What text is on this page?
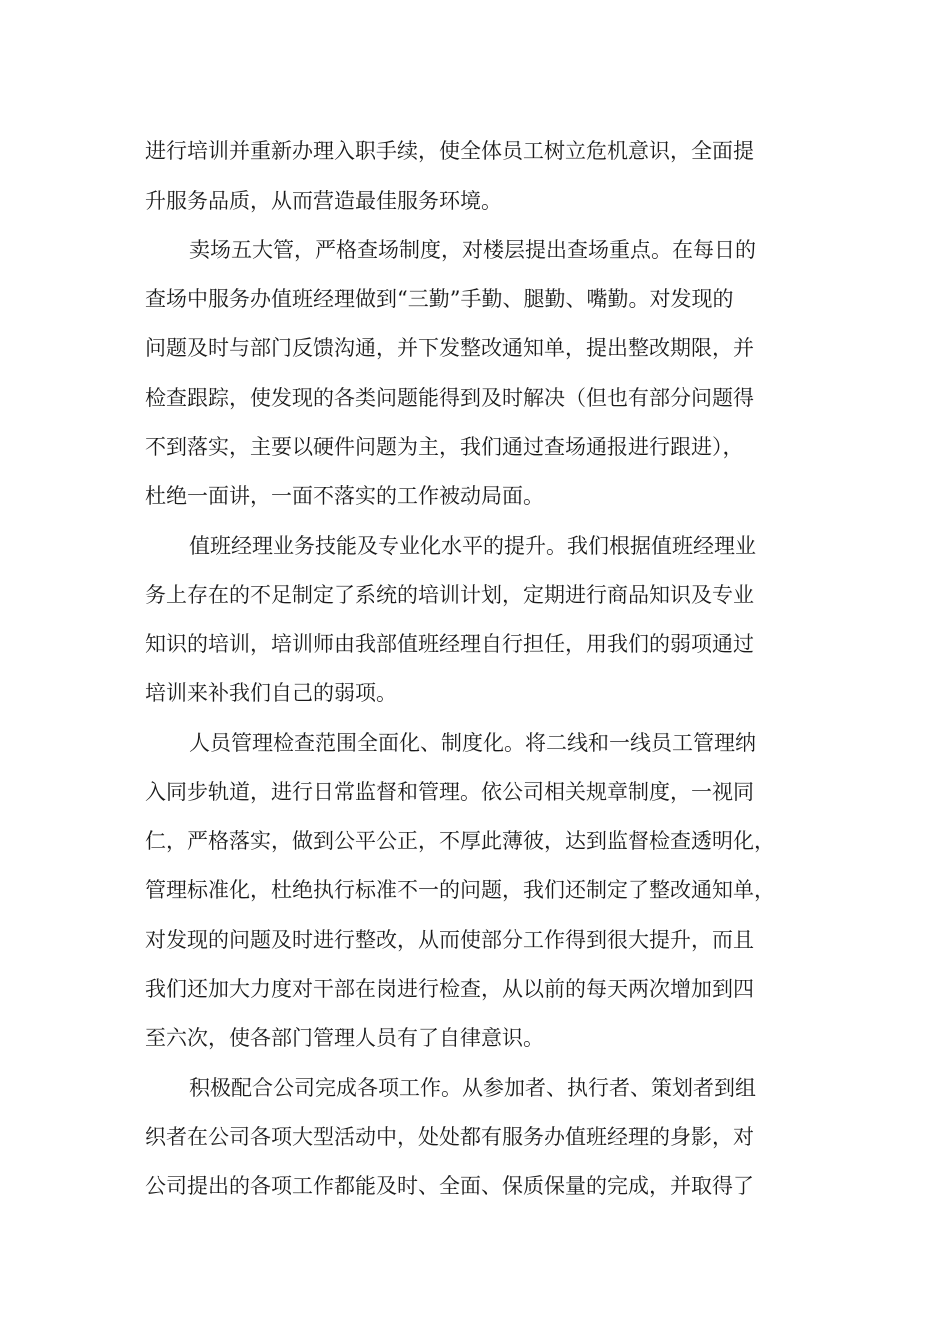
进行培训并重新办理入职手续，使全体员工树立危机意识，全面提
升服务品质，从而营造最佳服务环境。
卖场五大管，严格查场制度，对楼层提出查场重点。在每日的
查场中服务办值班经理做到“三勤”手勤、腿勤、嘴勤。对发现的
问题及时与部门反馈沟通，并下发整改通知单，提出整改期限，并
检查跟踪，使发现的各类问题能得到及时解决（但也有部分问题得
不到落实，主要以硬件问题为主，我们通过查场通报进行跟进），
杜绝一面讲，一面不落实的工作被动局面。
值班经理业务技能及专业化水平的提升。我们根据值班经理业
务上存在的不足制定了系统的培训计划，定期进行商品知识及专业
知识的培训，培训师由我部值班经理自行担任，用我们的弱项通过
培训来补我们自己的弱项。
人员管理检查范围全面化、制度化。将二线和一线员工管理纳
入同步轨道，进行日常监督和管理。依公司相关规章制度，一视同
仁，严格落实，做到公平公正，不厚此薄彼，达到监督检查透明化，
管理标准化，杜绝执行标准不一的问题，我们还制定了整改通知单，
对发现的问题及时进行整改，从而使部分工作得到很大提升，而且
我们还加大力度对干部在岗进行检查，从以前的每天两次增加到四
至六次，使各部门管理人员有了自律意识。
积极配合公司完成各项工作。从参加者、执行者、策划者到组
织者在公司各项大型活动中，处处都有服务办值班经理的身影，对
公司提出的各项工作都能及时、全面、保质保量的完成，并取得了
